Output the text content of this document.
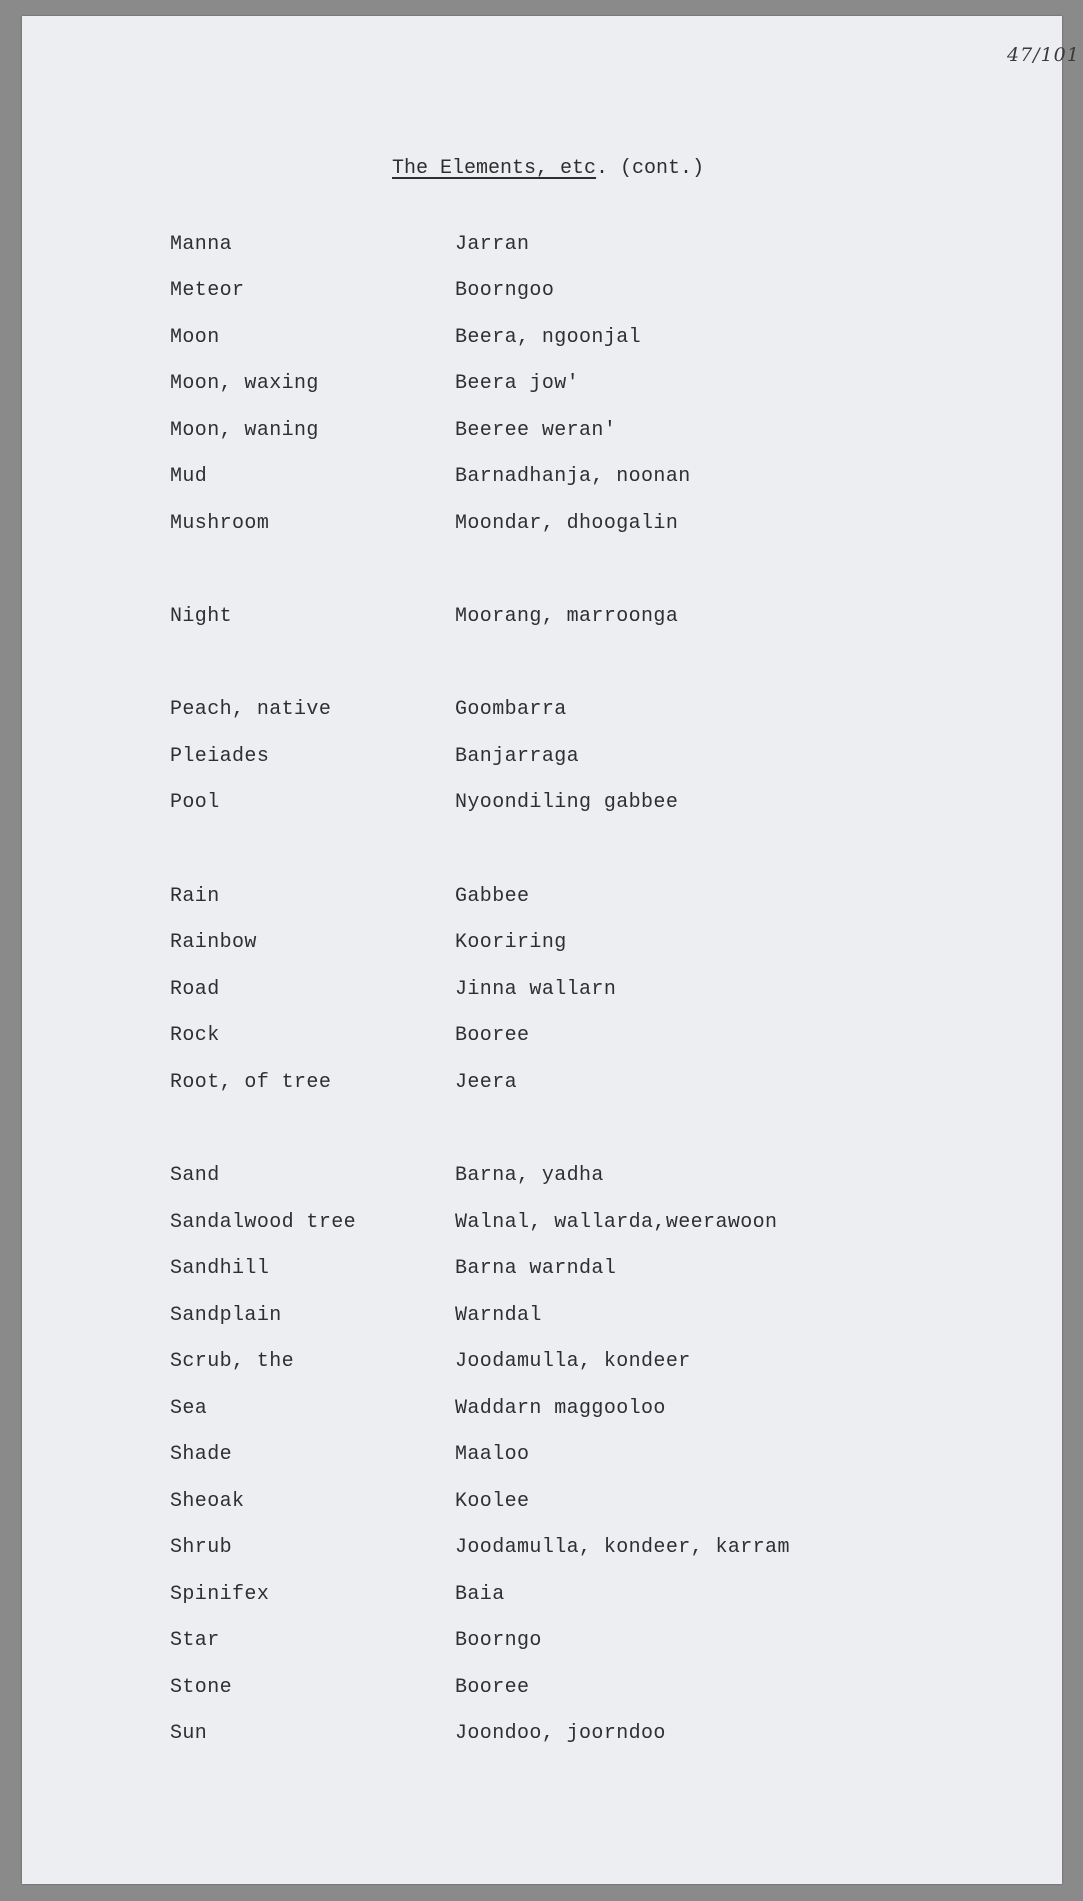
47/101
The Elements, etc. (cont.)
Manna	Jarran
Meteor	Boorngoo
Moon	Beera, ngoonjal
Moon, waxing	Beera jow'
Moon, waning	Beeree weran'
Mud	Barnadhanja, noonan
Mushroom	Moondar, dhoogalin
Night	Moorang, marroonga
Peach, native	Goombarra
Pleiades	Banjarraga
Pool	Nyoondiling gabbee
Rain	Gabbee
Rainbow	Kooriring
Road	Jinna wallarn
Rock	Booree
Root, of tree	Jeera
Sand	Barna, yadha
Sandalwood tree	Walnal, wallarda,weerawoon
Sandhill	Barna warndal
Sandplain	Warndal
Scrub, the	Joodamulla, kondeer
Sea	Waddarn maggooloo
Shade	Maaloo
Sheoak	Koolee
Shrub	Joodamulla, kondeer, karram
Spinifex	Baia
Star	Boorngo
Stone	Booree
Sun	Joondoo, joorndoo
